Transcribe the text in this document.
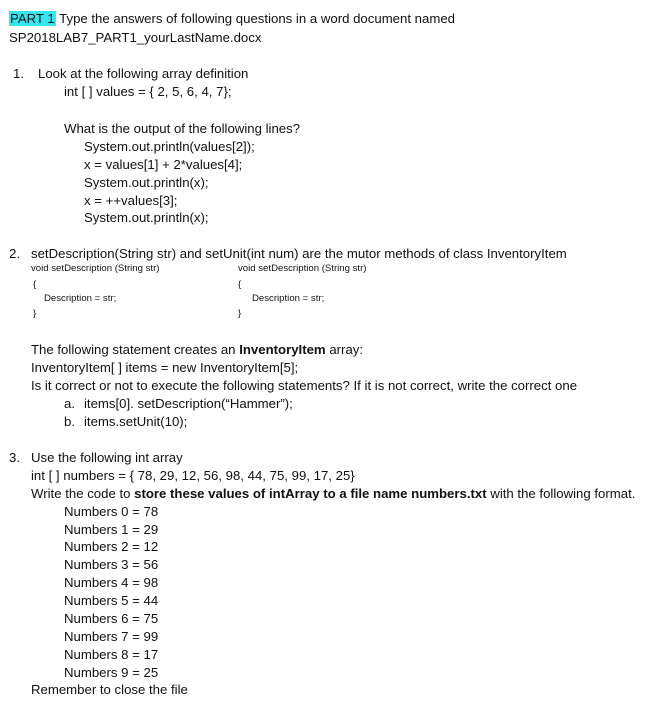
PART 1 Type the answers of following questions in a word document named
SP2018LAB7_PART1_yourLastName.docx
1. Look at the following array definition
int [ ] values = { 2, 5, 6, 4, 7};
What is the output of the following lines?
System.out.println(values[2]);
x = values[1] + 2*values[4];
System.out.println(x);
x = ++values[3];
System.out.println(x);
2. setDescription(String str) and setUnit(int num) are the mutor methods of class InventoryItem
void setDescription (String str)
{
Description = str;
}
void setDescription (String str)
{
Description = str;
}
The following statement creates an InventoryItem array:
InventoryItem[ ] items = new InventoryItem[5];
Is it correct or not to execute the following statements? If it is not correct, write the correct one
a. items[0]. setDescription(“Hammer”);
b. items.setUnit(10);
3. Use the following int array
int [ ] numbers = { 78, 29, 12, 56, 98, 44, 75, 99, 17, 25}
Write the code to store these values of intArray to a file name numbers.txt with the following format.
Numbers 0 = 78
Numbers 1 = 29
Numbers 2 = 12
Numbers 3 = 56
Numbers 4 = 98
Numbers 5 = 44
Numbers 6 = 75
Numbers 7 = 99
Numbers 8 = 17
Numbers 9 = 25
Remember to close the file
